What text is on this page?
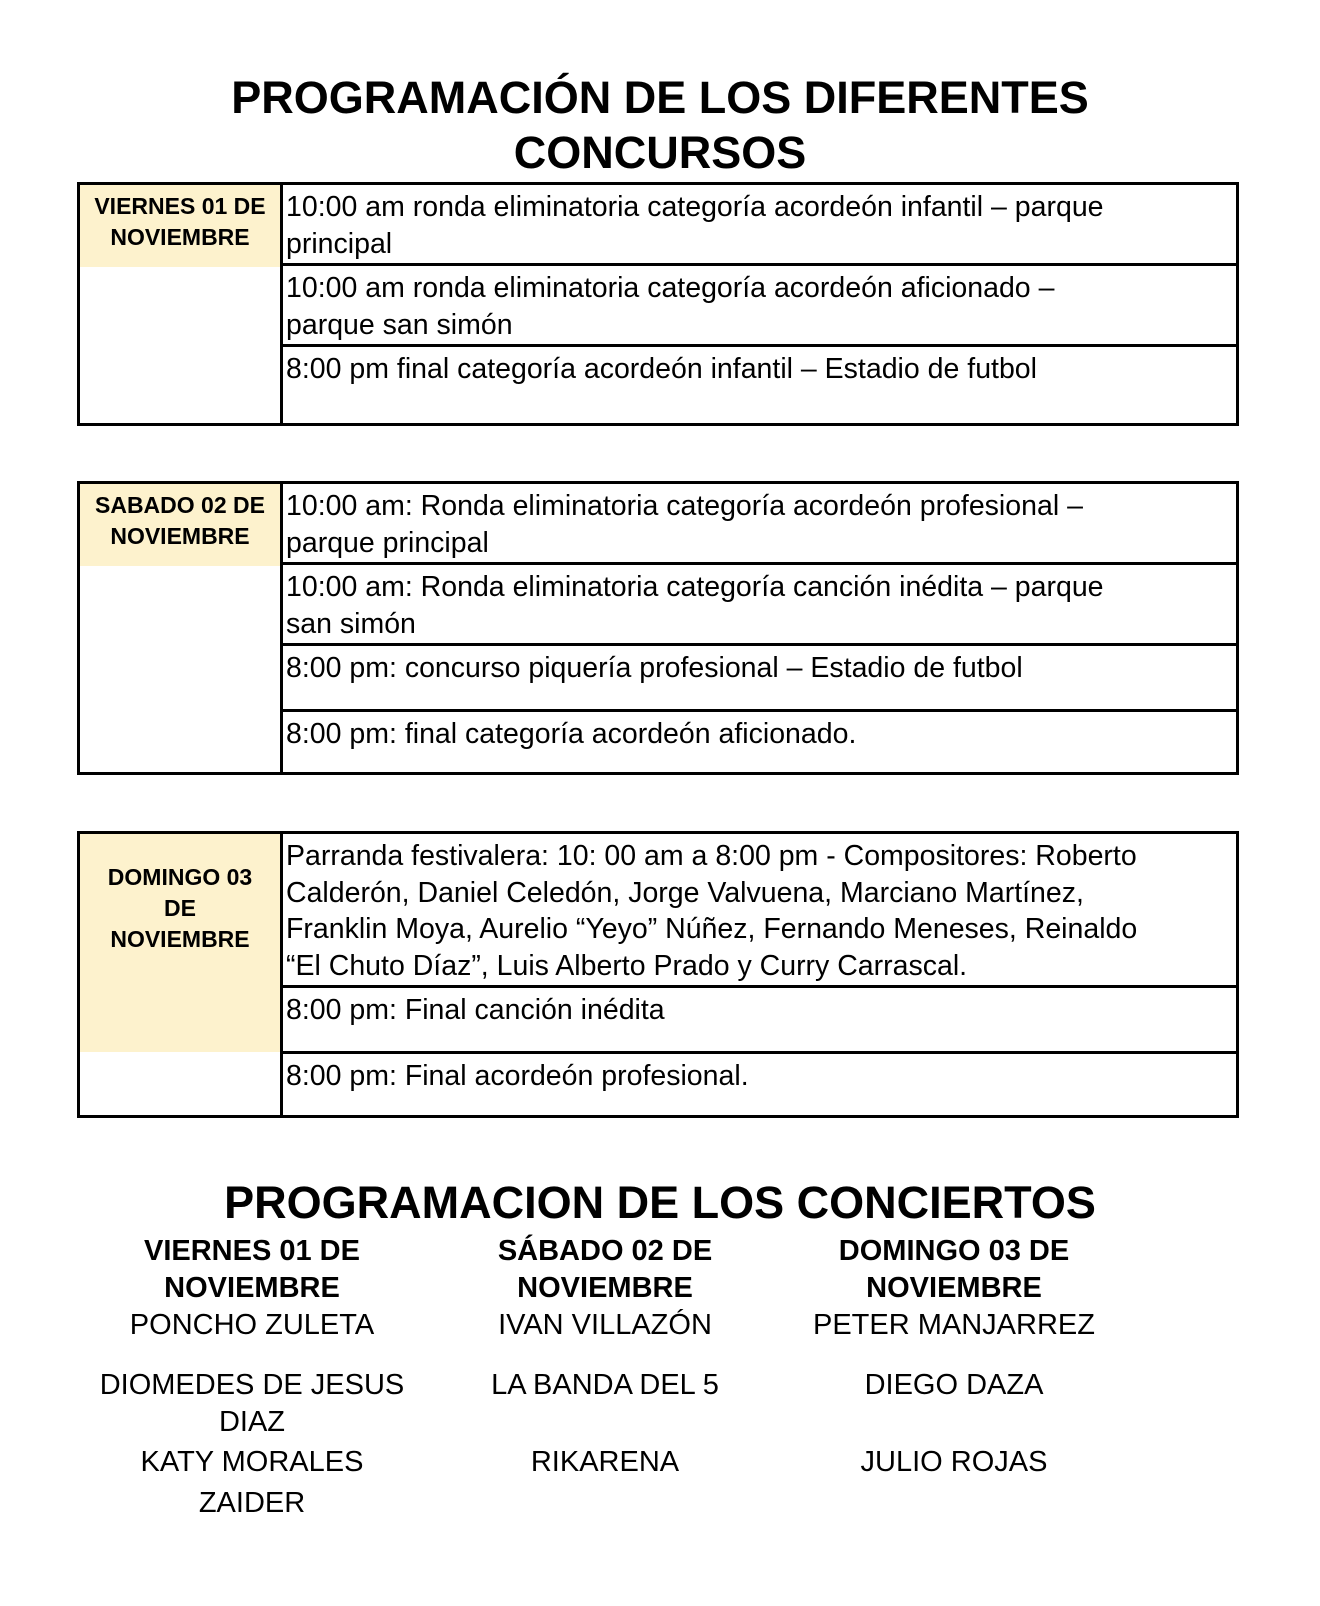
PROGRAMACIÓN DE LOS DIFERENTES
CONCURSOS
VIERNES 01 DE
NOVIEMBRE
10:00 am ronda eliminatoria categoría acordeón infantil – parque
principal
10:00 am ronda eliminatoria categoría acordeón aficionado –
parque san simón
8:00 pm final categoría acordeón infantil – Estadio de futbol
SABADO 02 DE
NOVIEMBRE
10:00 am: Ronda eliminatoria categoría acordeón profesional –
parque principal
10:00 am: Ronda eliminatoria categoría canción inédita – parque
san simón
8:00 pm: concurso piquería profesional – Estadio de futbol
8:00 pm: final categoría acordeón aficionado.
DOMINGO 03
DE
NOVIEMBRE
Parranda festivalera: 10: 00 am a 8:00 pm - Compositores: Roberto
Calderón, Daniel Celedón, Jorge Valvuena, Marciano Martínez,
Franklin Moya, Aurelio “Yeyo” Núñez, Fernando Meneses, Reinaldo
“El Chuto Díaz”, Luis Alberto Prado y Curry Carrascal.
8:00 pm: Final canción inédita
8:00 pm: Final acordeón profesional.
PROGRAMACION DE LOS CONCIERTOS
VIERNES 01 DE
NOVIEMBRE
PONCHO ZULETA
DIOMEDES DE JESUS DIAZ
KATY MORALES
ZAIDER
SÁBADO 02 DE
NOVIEMBRE
IVAN VILLAZÓN
LA BANDA DEL 5
RIKARENA
DOMINGO 03 DE
NOVIEMBRE
PETER MANJARREZ
DIEGO DAZA
JULIO ROJAS
